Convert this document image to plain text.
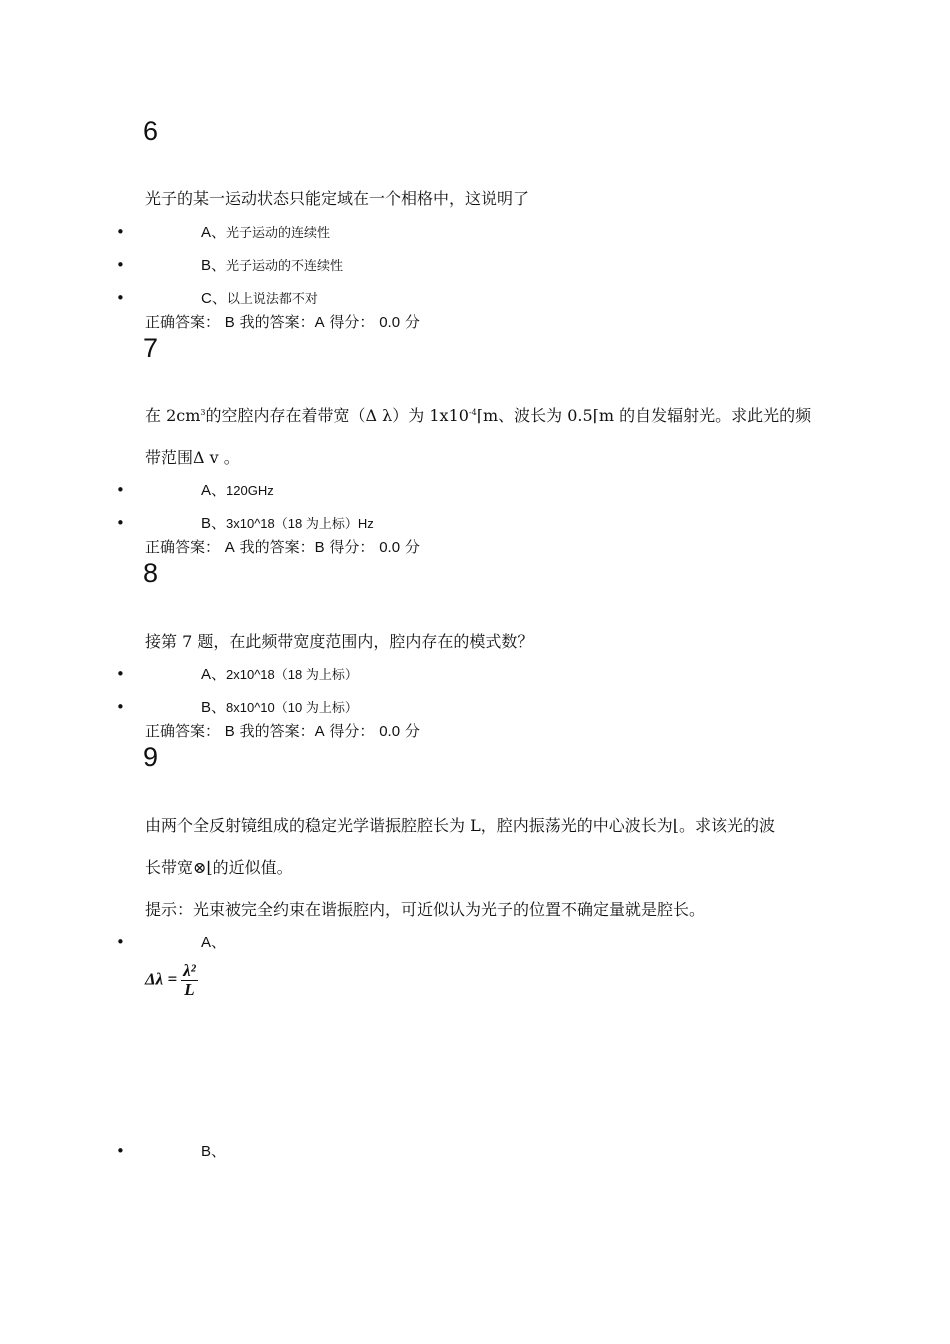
6
光子的某一运动状态只能定域在一个相格中，这说明了
•	A、光子运动的连续性
•	B、光子运动的不连续性
•	C、以上说法都不对
正确答案： B 我的答案：A 得分： 0.0 分
7
在 $2cm^3$的空腔内存在着带宽（Δ λ）为 $1x10^{-4}⌈m$、波长为 0.5⌈m 的自发辐射光。求此光的频
带范围Δ v 。
•	A、120GHz
•	B、3x10^18（18 为上标）Hz
正确答案： A 我的答案：B 得分： 0.0 分
8
接第 7 题，在此频带宽度范围内，腔内存在的模式数？
•	A、2x10^18（18 为上标）
•	B、8x10^10（10 为上标）
正确答案： B 我的答案：A 得分： 0.0 分
9
由两个全反射镜组成的稳定光学谐振腔腔长为 L，腔内振荡光的中心波长为⌊。求该光的波
长带宽⊗⌊的近似值。
提示：光束被完全约束在谐振腔内，可近似认为光子的位置不确定量就是腔长。
•	A、
$\Delta\lambda = \frac{\text{λ²}}{L}$
•	B、
